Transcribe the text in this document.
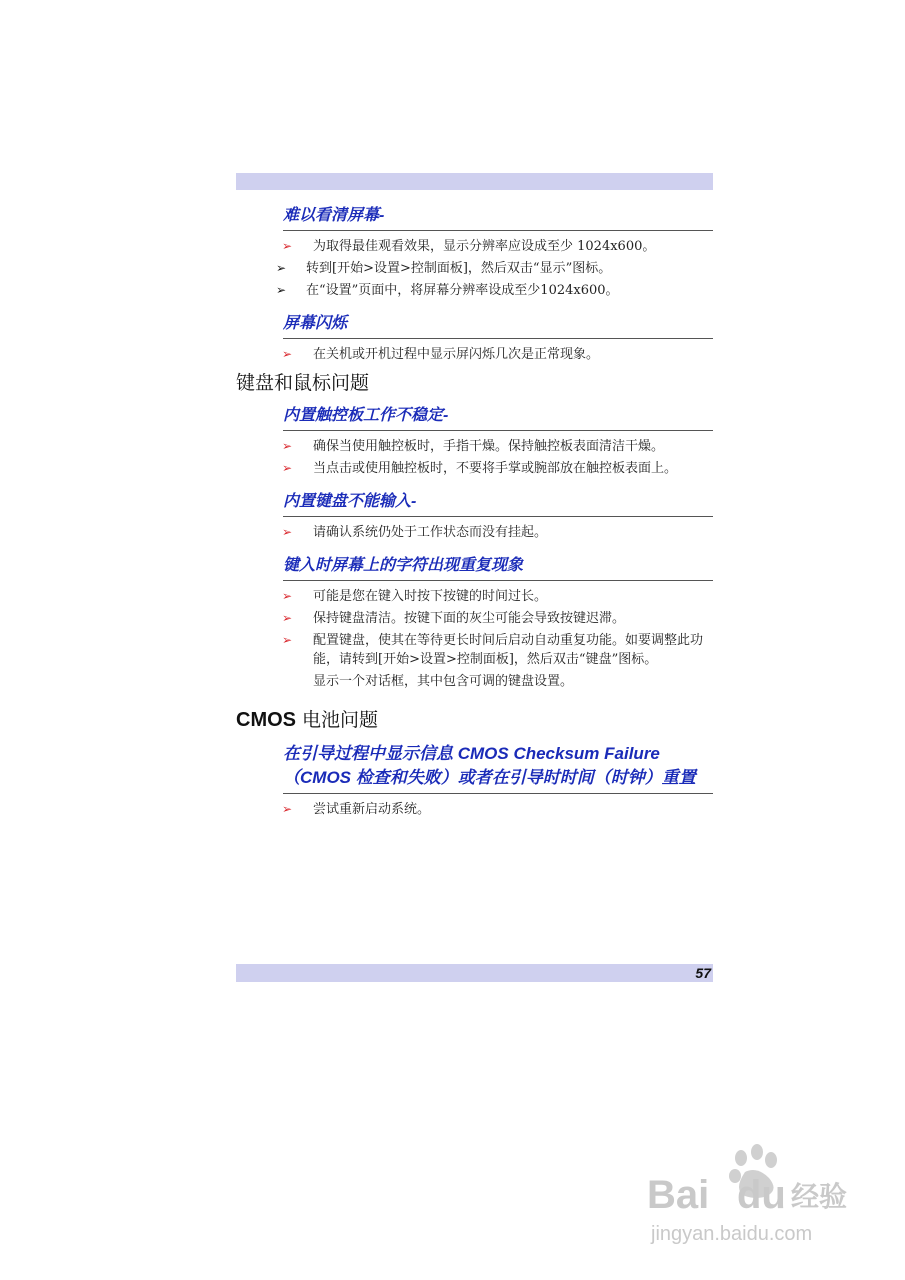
难以看清屏幕-
➢ 为取得最佳观看效果，显示分辨率应设成至少 1024x600。
➢ 转到[开始>设置>控制面板]，然后双击“显示”图标。
➢ 在“设置”页面中，将屏幕分辨率设成至少1024x600。
屏幕闪烁
➢ 在关机或开机过程中显示屏闪烁几次是正常现象。
键盘和鼠标问题
内置触控板工作不稳定-
➢ 确保当使用触控板时，手指干燥。保持触控板表面清洁干燥。
➢ 当点击或使用触控板时，不要将手掌或腕部放在触控板表面上。
内置键盘不能输入-
➢ 请确认系统仍处于工作状态而没有挂起。
键入时屏幕上的字符出现重复现象
➢ 可能是您在键入时按下按键的时间过长。
➢ 保持键盘清洁。按键下面的灰尘可能会导致按键迟滞。
➢ 配置键盘，使其在等待更长时间后启动自动重复功能。如要调整此功能，请转到[开始>设置>控制面板]，然后双击“键盘”图标。
显示一个对话框，其中包含可调的键盘设置。
CMOS 电池问题
在引导过程中显示信息 CMOS Checksum Failure（CMOS 检查和失败）或者在引导时时间（时钟）重置
➢ 尝试重新启动系统。
57
Bai du 经验
jingyan.baidu.com
